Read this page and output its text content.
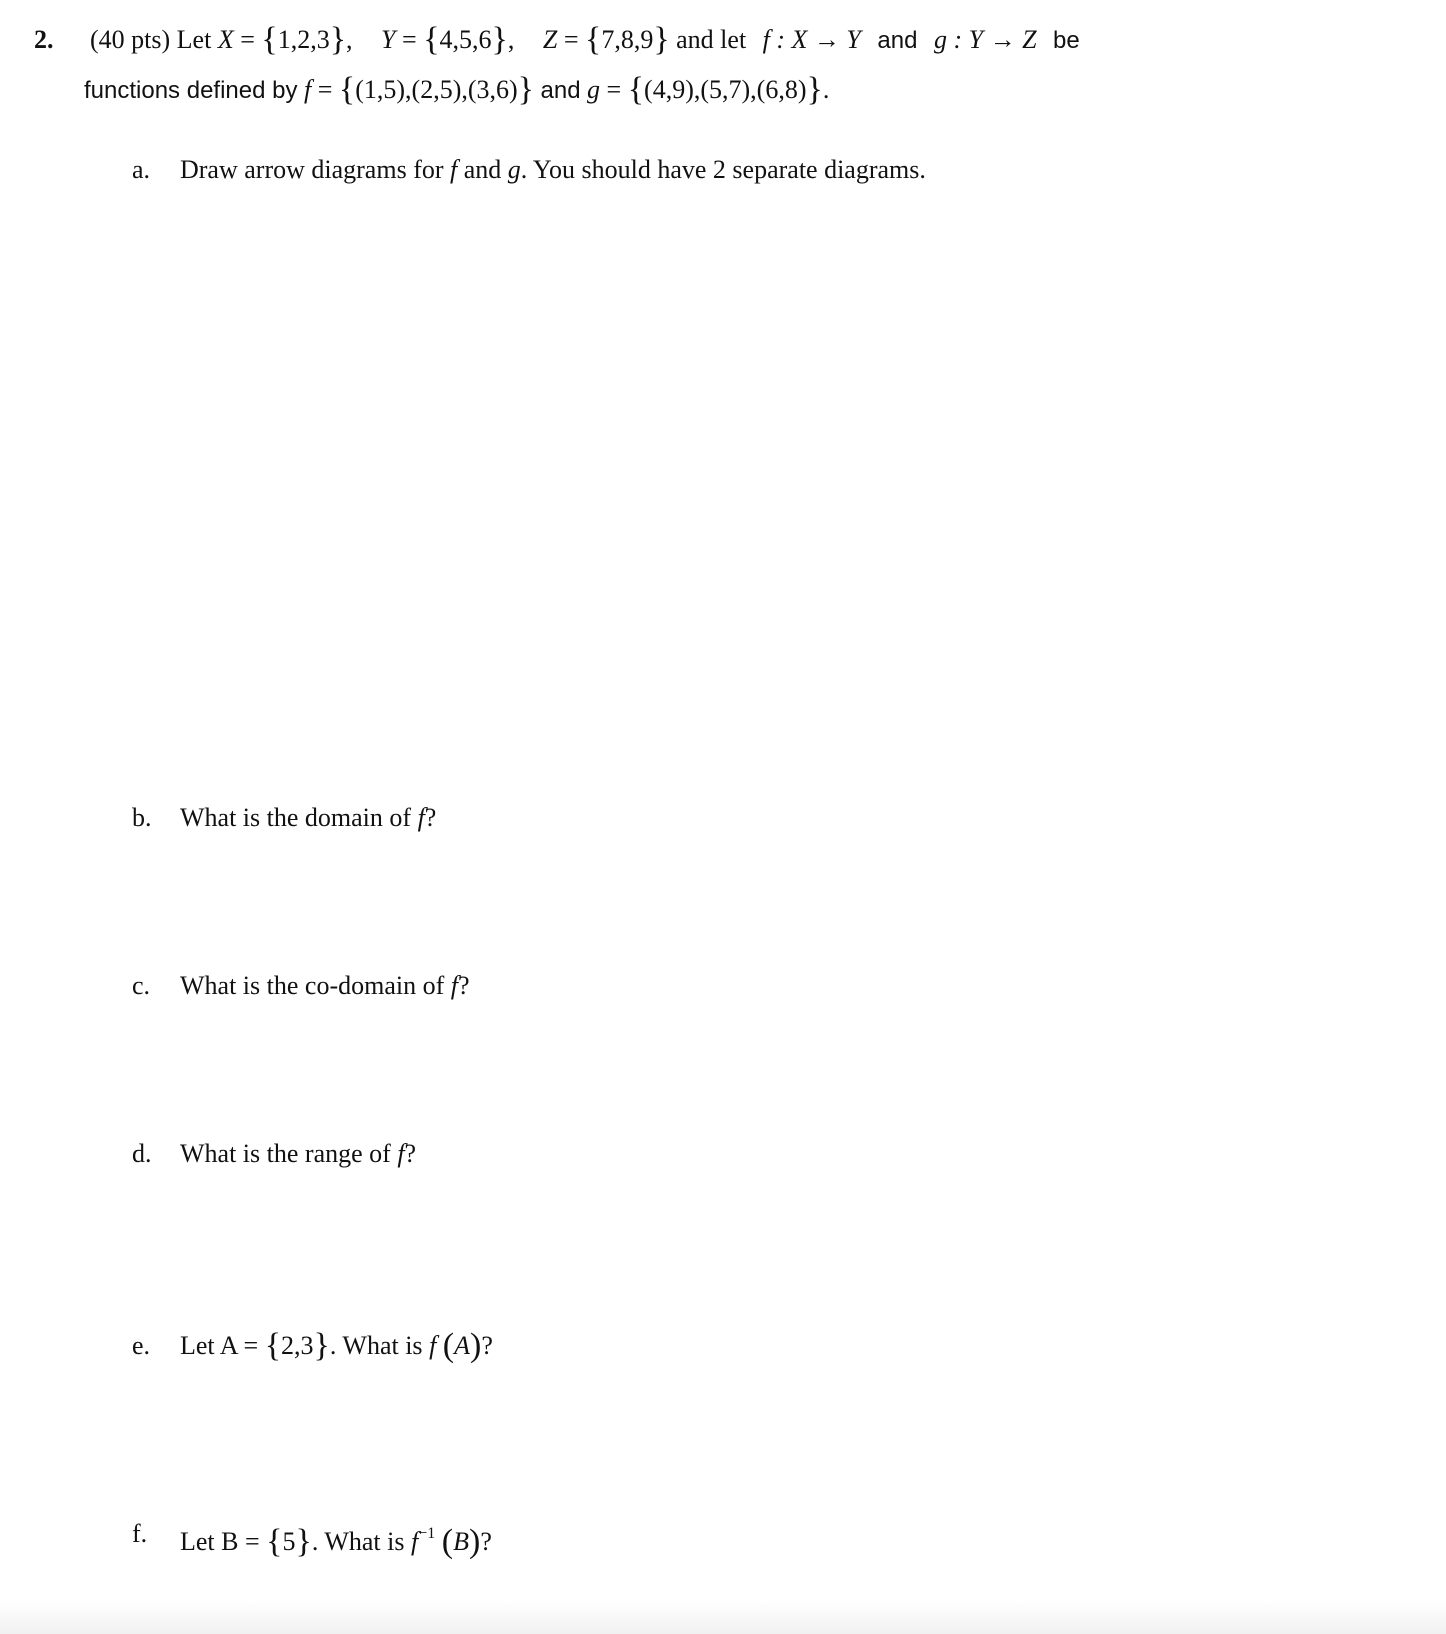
2. (40 pts) Let X = {1,2,3}, Y = {4,5,6}, Z = {7,8,9} and let f : X → Y and g : Y → Z be
functions defined by f = {(1,5),(2,5),(3,6)} and g = {(4,9),(5,7),(6,8)}.
a. Draw arrow diagrams for f and g. You should have 2 separate diagrams.
b. What is the domain of f?
c. What is the co-domain of f?
d. What is the range of f?
e. Let A = {2,3}. What is f (A)?
f. Let B = {5}. What is $f^{-1}$ (B)?
